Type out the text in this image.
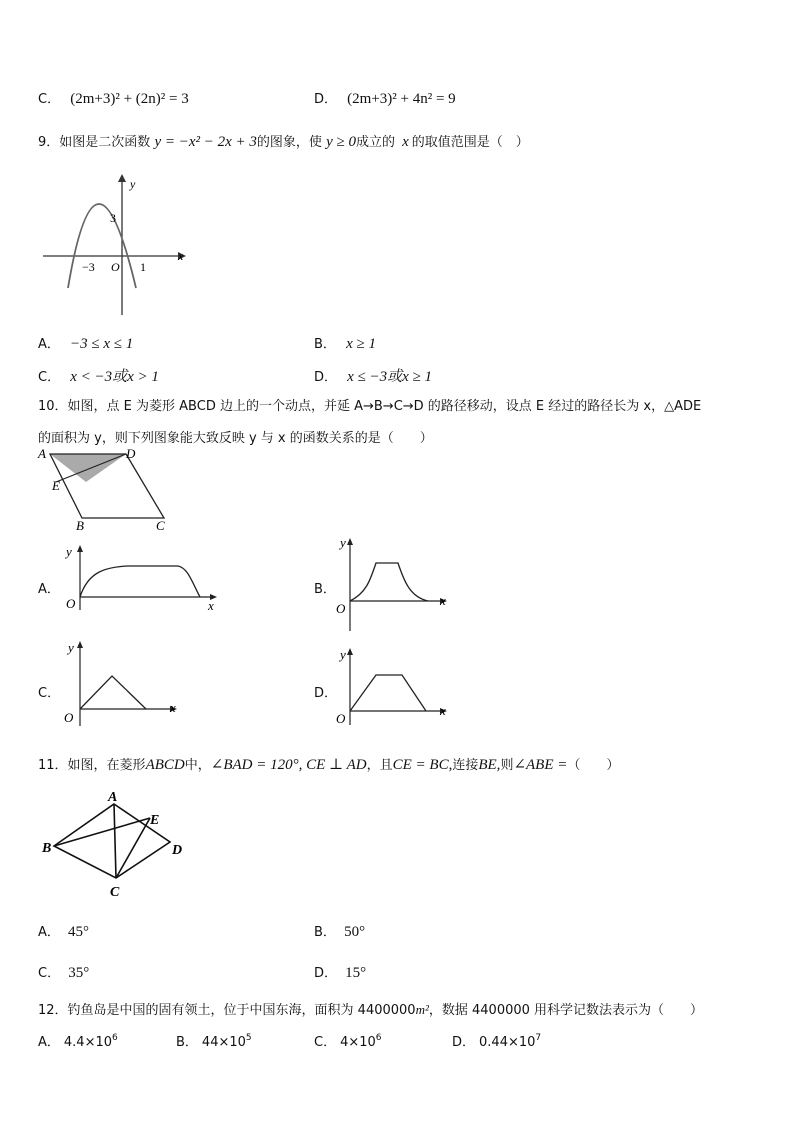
C． (2m+3)² + (2n)² = 3	D． (2m+3)² + 4n² = 9
9．如图是二次函数 y = −x² − 2x + 3的图象，使 y ≥ 0成立的 x 的取值范围是（　）
y
x
3
−3 O 1
A． −3 ≤ x ≤ 1	B． x ≥ 1
C． x < −3或x > 1	D． x ≤ −3或x ≥ 1
10．如图，点 E 为菱形 ABCD 边上的一个动点，并延 A→B→C→D 的路径移动，设点 E 经过的路径长为 x，△ADE
的面积为 y，则下列图象能大致反映 y 与 x 的函数关系的是（　　）
A	D
E
B	C
A．
y
x
O
B．
y
x
O
C．
y
x
O
D．
y
x
O
11．如图，在菱形ABCD中，∠BAD = 120°, CE ⊥ AD，且CE = BC,连接BE,则∠ABE =（　　）
A
E
B	D
C
A． 45°	B． 50°
C． 35°	D． 15°
12．钓鱼岛是中国的固有领土，位于中国东海，面积为 4400000m²，数据 4400000 用科学记数法表示为（　　）
A． $4.4\times 10^6$	B． $44\times 10^5$	C． $4\times 10^6$	D． $0.44\times 10^7$
